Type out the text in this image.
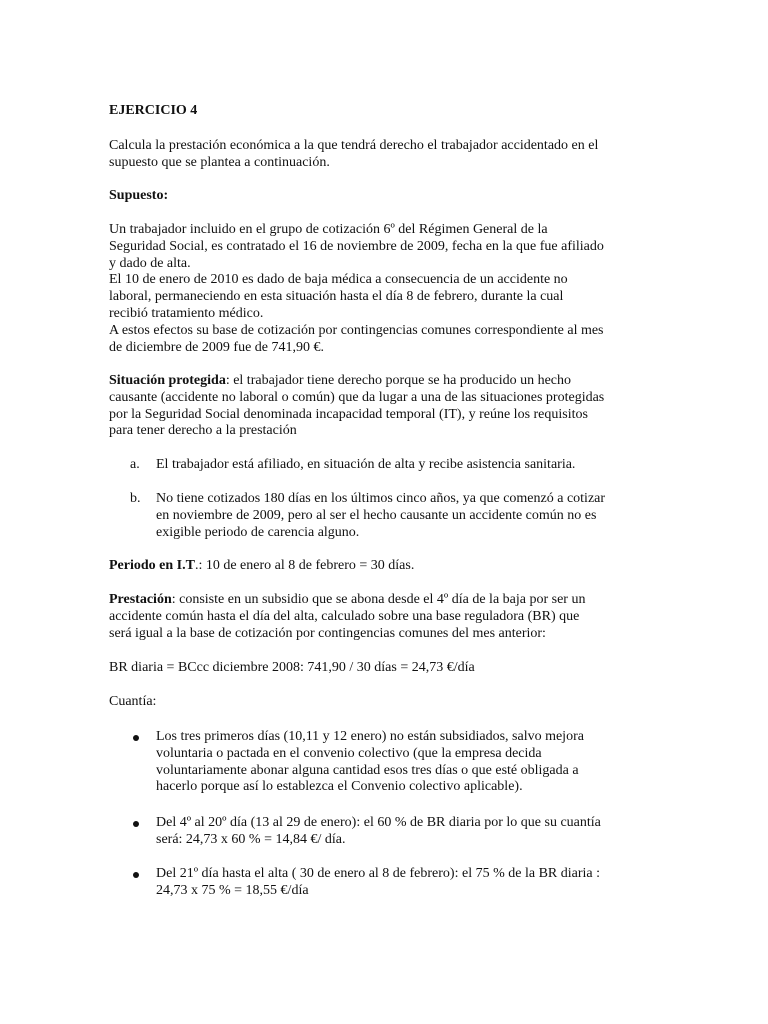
EJERCICIO 4
Calcula la prestación económica a la que tendrá derecho el trabajador accidentado en el
supuesto que se plantea a continuación.
Supuesto:
Un trabajador incluido en el grupo de cotización 6º del Régimen General de la
Seguridad Social, es contratado el 16 de noviembre de 2009, fecha en la que fue afiliado
y dado de alta.
El 10 de enero de 2010 es dado de baja médica a consecuencia de un accidente no
laboral, permaneciendo en esta situación hasta el día 8 de febrero, durante la cual
recibió tratamiento médico.
A estos efectos su base de cotización por contingencias comunes correspondiente al mes
de diciembre de 2009 fue de 741,90 €.
Situación protegida: el trabajador tiene derecho porque se ha producido un hecho
causante (accidente no laboral o común) que da lugar a una de las situaciones protegidas
por la Seguridad Social denominada incapacidad temporal (IT), y reúne los requisitos
para tener derecho a la prestación
a.	El trabajador está afiliado, en situación de alta y recibe asistencia sanitaria.
b.	No tiene cotizados 180 días en los últimos cinco años, ya que comenzó a cotizar
en noviembre de 2009, pero al ser el hecho causante un accidente común no es
exigible periodo de carencia alguno.
Periodo en I.T.: 10 de enero al 8 de febrero = 30 días.
Prestación: consiste en un subsidio que se abona desde el 4º día de la baja por ser un
accidente común hasta el día del alta, calculado sobre una base reguladora (BR) que
será igual a la base de cotización por contingencias comunes del mes anterior:
BR diaria = BCcc diciembre 2008: 741,90 / 30 días = 24,73 €/día
Cuantía:
Los tres primeros días (10,11 y 12 enero) no están subsidiados, salvo mejora
voluntaria o pactada en el convenio colectivo (que la empresa decida
voluntariamente abonar alguna cantidad esos tres días o que esté obligada a
hacerlo porque así lo establezca el Convenio colectivo aplicable).
Del 4º al 20º día (13 al 29 de enero): el 60 % de BR diaria por lo que su cuantía
será: 24,73 x 60 % = 14,84 €/ día.
Del 21º día hasta el alta ( 30 de enero al 8 de febrero): el 75 % de la BR diaria :
24,73 x 75 % = 18,55 €/día
